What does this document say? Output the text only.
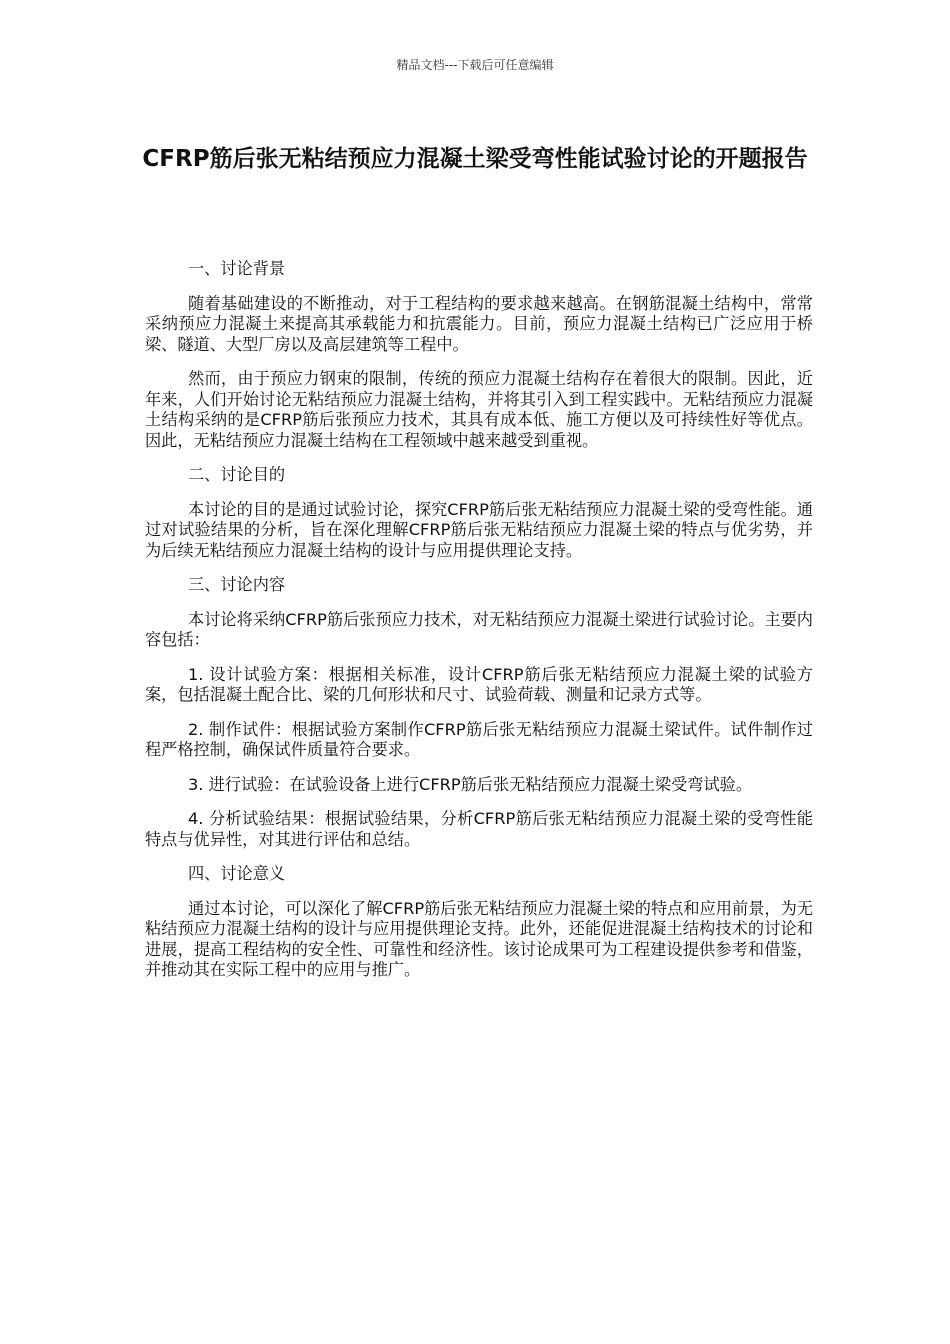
精品文档---下载后可任意编辑
CFRP筋后张无粘结预应力混凝土梁受弯性能试验讨论的开题报告
一、讨论背景

随着基础建设的不断推动，对于工程结构的要求越来越高。在钢筋混凝土结构中，常常采纳预应力混凝土来提高其承载能力和抗震能力。目前，预应力混凝土结构已广泛应用于桥梁、隧道、大型厂房以及高层建筑等工程中。

然而，由于预应力钢束的限制，传统的预应力混凝土结构存在着很大的限制。因此，近年来，人们开始讨论无粘结预应力混凝土结构，并将其引入到工程实践中。无粘结预应力混凝土结构采纳的是CFRP筋后张预应力技术，其具有成本低、施工方便以及可持续性好等优点。因此，无粘结预应力混凝土结构在工程领域中越来越受到重视。

二、讨论目的

本讨论的目的是通过试验讨论，探究CFRP筋后张无粘结预应力混凝土梁的受弯性能。通过对试验结果的分析，旨在深化理解CFRP筋后张无粘结预应力混凝土梁的特点与优劣势，并为后续无粘结预应力混凝土结构的设计与应用提供理论支持。

三、讨论内容

本讨论将采纳CFRP筋后张预应力技术，对无粘结预应力混凝土梁进行试验讨论。主要内容包括：

1. 设计试验方案：根据相关标准，设计CFRP筋后张无粘结预应力混凝土梁的试验方案，包括混凝土配合比、梁的几何形状和尺寸、试验荷载、测量和记录方式等。

2. 制作试件：根据试验方案制作CFRP筋后张无粘结预应力混凝土梁试件。试件制作过程严格控制，确保试件质量符合要求。

3. 进行试验：在试验设备上进行CFRP筋后张无粘结预应力混凝土梁受弯试验。

4. 分析试验结果：根据试验结果，分析CFRP筋后张无粘结预应力混凝土梁的受弯性能特点与优异性，对其进行评估和总结。

四、讨论意义

通过本讨论，可以深化了解CFRP筋后张无粘结预应力混凝土梁的特点和应用前景，为无粘结预应力混凝土结构的设计与应用提供理论支持。此外，还能促进混凝土结构技术的讨论和进展，提高工程结构的安全性、可靠性和经济性。该讨论成果可为工程建设提供参考和借鉴，并推动其在实际工程中的应用与推广。
